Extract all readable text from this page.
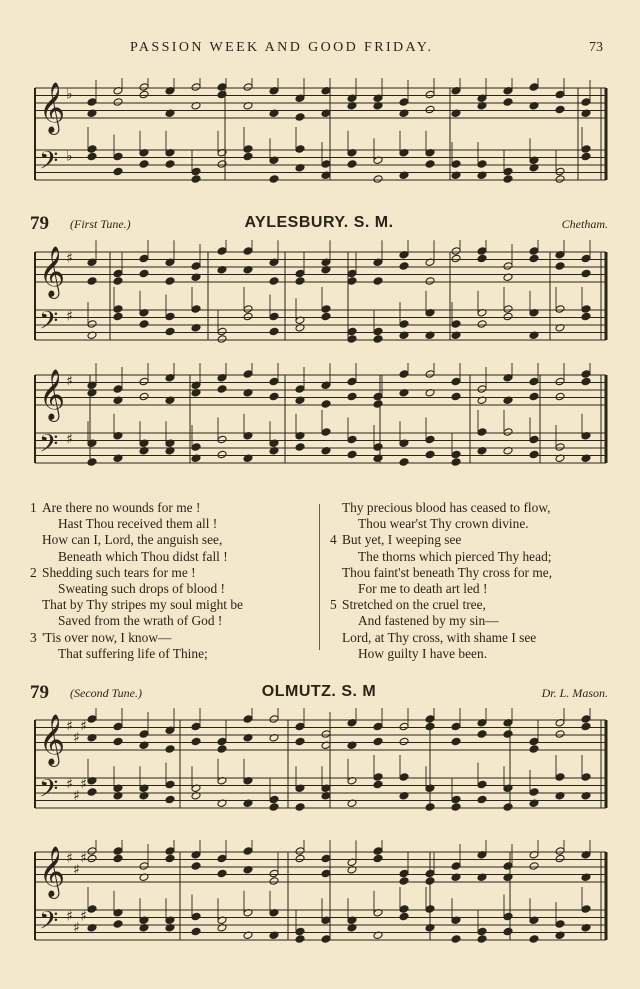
PASSION WEEK AND GOOD FRIDAY.	73
𝄞 ♭
𝄢 ♭
79 (First Tune.)	AYLESBURY. S. M.	Chetham.
𝄞 ♯
𝄢 ♯
𝄞 ♯
𝄢 ♯
1 Are there no wounds for me !
Hast Thou received them all !
How can I, Lord, the anguish see,
Beneath which Thou didst fall !
2 Shedding such tears for me !
Sweating such drops of blood !
That by Thy stripes my soul might be
Saved from the wrath of God !
3 'Tis over now, I know—
That suffering life of Thine;
Thy precious blood has ceased to flow,
Thou wear'st Thy crown divine.
4 But yet, I weeping see
The thorns which pierced Thy head;
Thou faint'st beneath Thy cross for me,
For me to death art led !
5 Stretched on the cruel tree,
And fastened by my sin—
Lord, at Thy cross, with shame I see
How guilty I have been.
79 (Second Tune.)	OLMUTZ. S. M	Dr. L. Mason.
𝄞 ♯
♯
♯
𝄢 ♯
♯
♯
𝄞 ♯
♯
♯
𝄢 ♯
♯
♯
